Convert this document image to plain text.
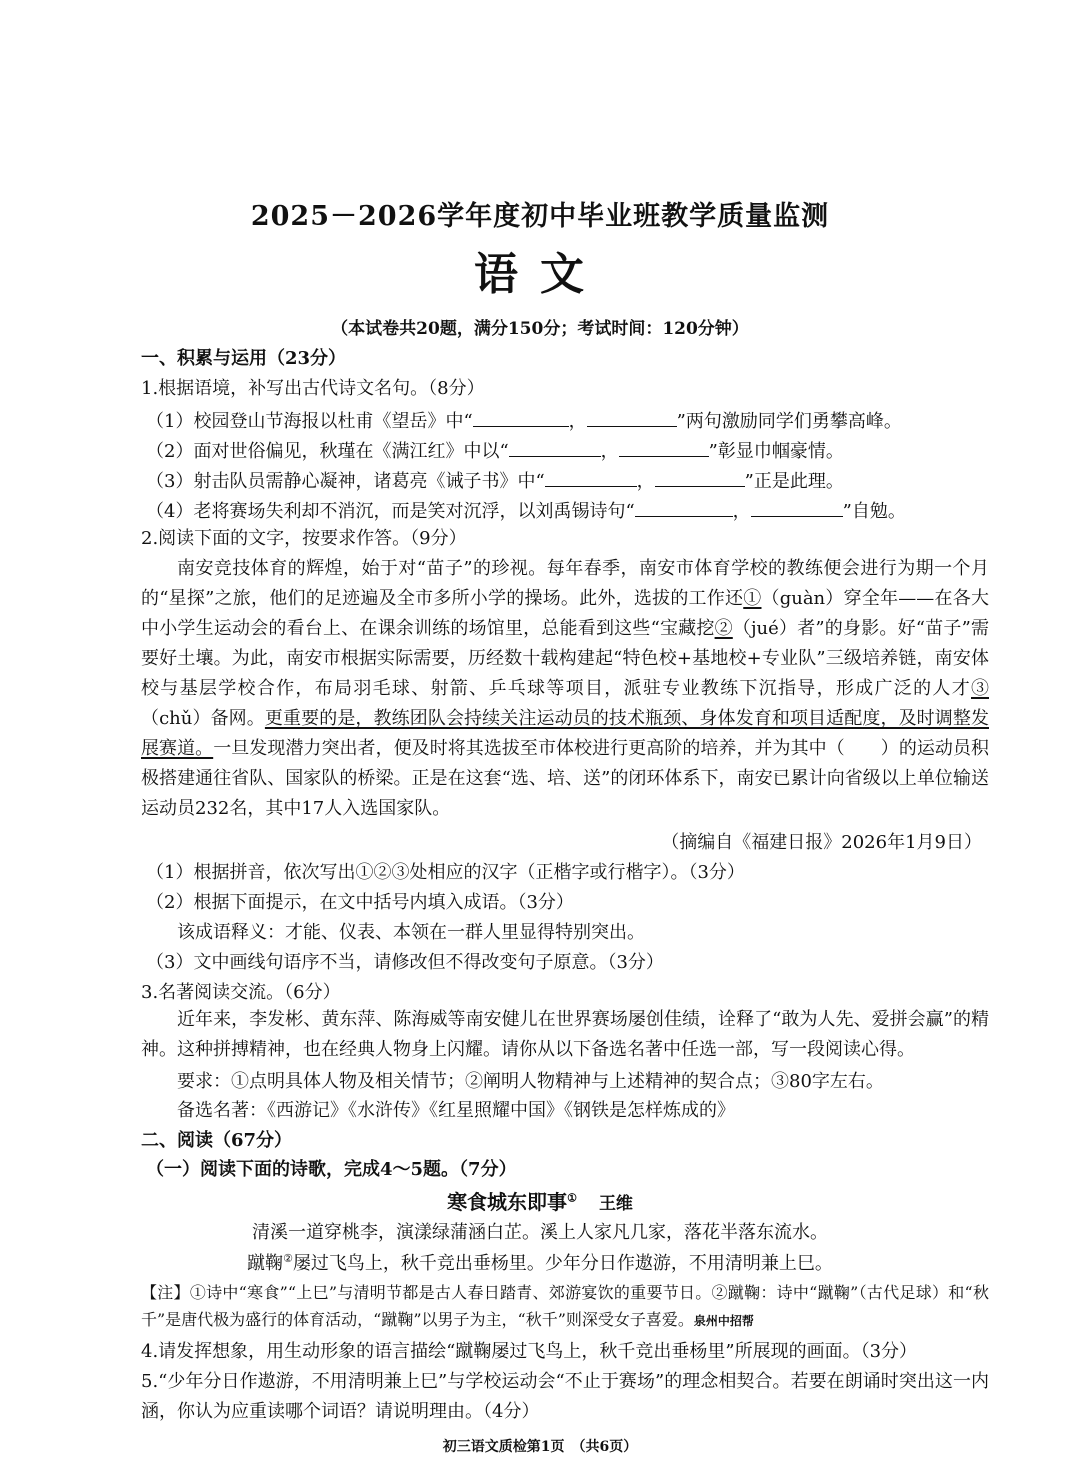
2025－2026学年度初中毕业班教学质量监测
语文
（本试卷共20题，满分150分；考试时间：120分钟）
一、积累与运用（23分）
1.根据语境，补写出古代诗文名句。（8分）
（1）校园登山节海报以杜甫《望岳》中“	，	”两句激励同学们勇攀高峰。
（2）面对世俗偏见，秋瑾在《满江红》中以“	，	”彰显巾帼豪情。
（3）射击队员需静心凝神，诸葛亮《诫子书》中“	，	”正是此理。
（4）老将赛场失利却不消沉，而是笑对沉浮，以刘禹锡诗句“	，	”自勉。
2.阅读下面的文字，按要求作答。（9分）

南安竞技体育的辉煌，始于对“苗子”的珍视。每年春季，南安市体育学校的教练便会进行为期一个月的“星探”之旅，他们的足迹遍及全市多所小学的操场。此外，选拔的工作还①（guàn）穿全年——在各大中小学生运动会的看台上、在课余训练的场馆里，总能看到这些“宝藏挖②（jué）者”的身影。好“苗子”需要好土壤。为此，南安市根据实际需要，历经数十载构建起“特色校+基地校+专业队”三级培养链，南安体校与基层学校合作，布局羽毛球、射箭、乒乓球等项目，派驻专业教练下沉指导，形成广泛的人才③（chǔ）备网。更重要的是，教练团队会持续关注运动员的技术瓶颈、身体发育和项目适配度，及时调整发展赛道。一旦发现潜力突出者，便及时将其选拔至市体校进行更高阶的培养，并为其中（　　）的运动员积极搭建通往省队、国家队的桥梁。正是在这套“选、培、送”的闭环体系下，南安已累计向省级以上单位输送运动员232名，其中17人入选国家队。

（摘编自《福建日报》2026年1月9日）
（1）根据拼音，依次写出①②③处相应的汉字（正楷字或行楷字）。（3分）
（2）根据下面提示，在文中括号内填入成语。（3分）
该成语释义：才能、仪表、本领在一群人里显得特别突出。
（3）文中画线句语序不当，请修改但不得改变句子原意。（3分）
3.名著阅读交流。（6分）

近年来，李发彬、黄东萍、陈海威等南安健儿在世界赛场屡创佳绩，诠释了“敢为人先、爱拼会赢”的精神。这种拼搏精神，也在经典人物身上闪耀。请你从以下备选名著中任选一部，写一段阅读心得。

要求：①点明具体人物及相关情节；②阐明人物精神与上述精神的契合点；③80字左右。
备选名著：《西游记》《水浒传》《红星照耀中国》《钢铁是怎样炼成的》
二、阅读（67分）
（一）阅读下面的诗歌，完成4～5题。（7分）
寒食城东即事① 王维
清溪一道穿桃李，演漾绿蒲涵白芷。溪上人家凡几家，落花半落东流水。
蹴鞠②屡过飞鸟上，秋千竞出垂杨里。少年分日作遨游，不用清明兼上巳。
【注】①诗中“寒食”“上巳”与清明节都是古人春日踏青、郊游宴饮的重要节日。②蹴鞠：诗中“蹴鞠”（古代足球）和“秋千”是唐代极为盛行的体育活动，“蹴鞠”以男子为主，“秋千”则深受女子喜爱。泉州中招帮
4.请发挥想象，用生动形象的语言描绘“蹴鞠屡过飞鸟上，秋千竞出垂杨里”所展现的画面。（3分）
5.“少年分日作遨游，不用清明兼上巳”与学校运动会“不止于赛场”的理念相契合。若要在朗诵时突出这一内涵，你认为应重读哪个词语？请说明理由。（4分）
初三语文质检第1页　（共6页）
